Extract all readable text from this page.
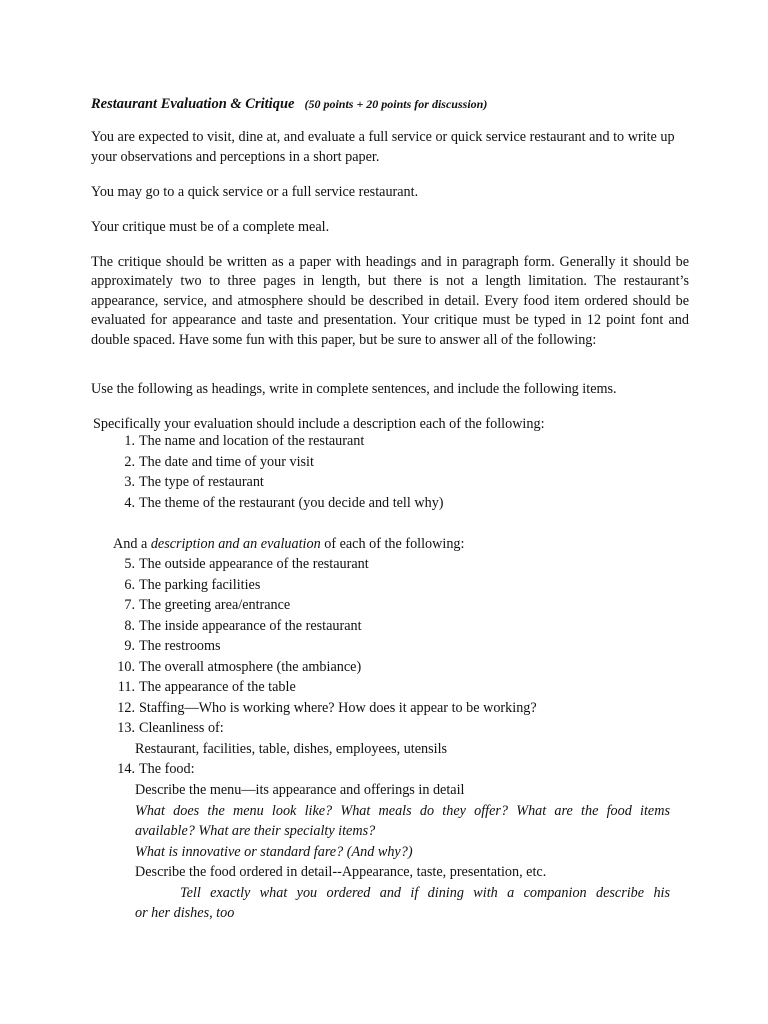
Restaurant Evaluation & Critique (50 points + 20 points for discussion)
You are expected to visit, dine at, and evaluate a full service or quick service restaurant and to write up your observations and perceptions in a short paper.
You may go to a quick service or a full service restaurant.
Your critique must be of a complete meal.
The critique should be written as a paper with headings and in paragraph form. Generally it should be approximately two to three pages in length, but there is not a length limitation. The restaurant’s appearance, service, and atmosphere should be described in detail. Every food item ordered should be evaluated for appearance and taste and presentation. Your critique must be typed in 12 point font and double spaced. Have some fun with this paper, but be sure to answer all of the following:
Use the following as headings, write in complete sentences, and include the following items.
Specifically your evaluation should include a description each of the following:
1. The name and location of the restaurant
2. The date and time of your visit
3. The type of restaurant
4. The theme of the restaurant (you decide and tell why)
And a description and an evaluation of each of the following:
5. The outside appearance of the restaurant
6. The parking facilities
7. The greeting area/entrance
8. The inside appearance of the restaurant
9. The restrooms
10. The overall atmosphere (the ambiance)
11. The appearance of the table
12. Staffing—Who is working where? How does it appear to be working?
13. Cleanliness of:
Restaurant, facilities, table, dishes, employees, utensils
14. The food:
Describe the menu—its appearance and offerings in detail
What does the menu look like? What meals do they offer? What are the food items
available? What are their specialty items?
What is innovative or standard fare? (And why?)
Describe the food ordered in detail--Appearance, taste, presentation, etc.
Tell exactly what you ordered and if dining with a companion describe his
or her dishes, too
